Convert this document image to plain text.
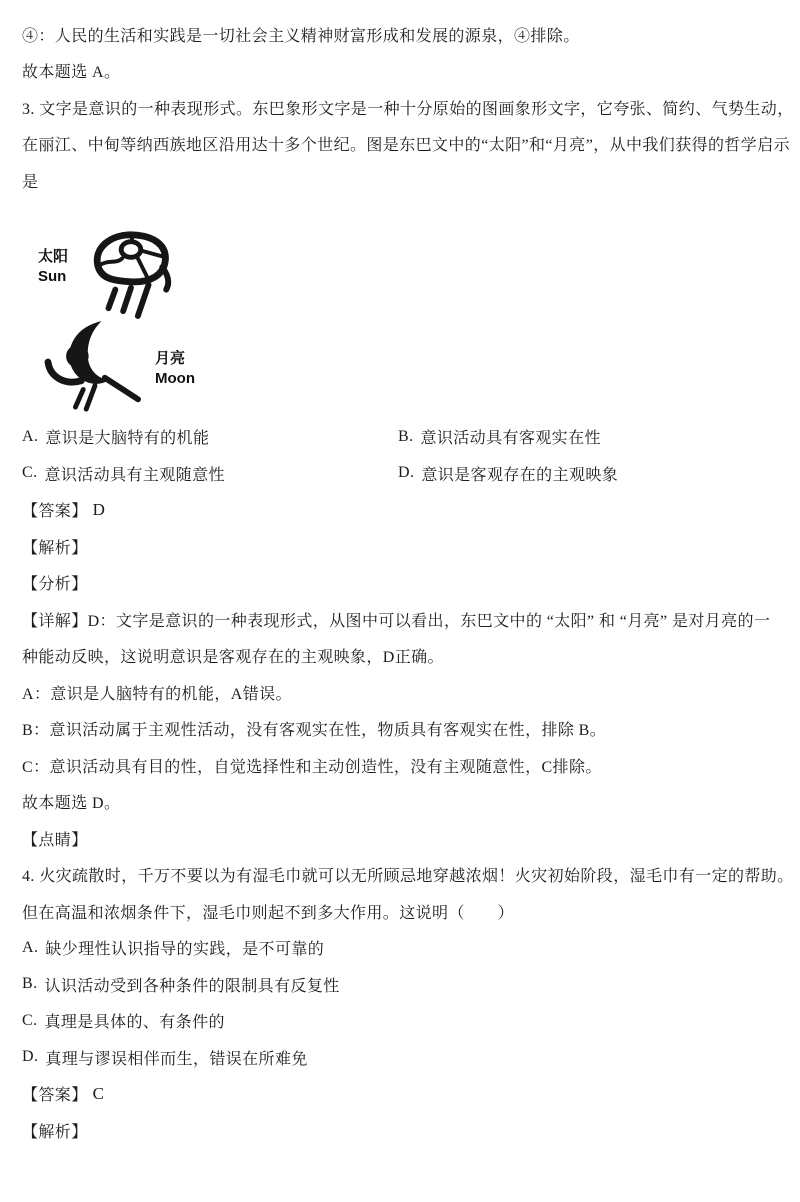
④：人民的生活和实践是一切社会主义精神财富形成和发展的源泉，④排除。
故本题选 A。
3. 文字是意识的一种表现形式。东巴象形文字是一种十分原始的图画象形文字，它夸张、简约、气势生动，
在丽江、中甸等纳西族地区沿用达十多个世纪。图是东巴文中的“太阳”和“月亮”，从中我们获得的哲学启示
是
太阳
Sun
月亮
Moon
A. 意识是大脑特有的机能	B. 意识活动具有客观实在性
C. 意识活动具有主观随意性	D. 意识是客观存在的主观映象
【答案】 D
【解析】
【分析】
【详解】D：文字是意识的一种表现形式，从图中可以看出，东巴文中的 “太阳” 和 “月亮” 是对月亮的一
种能动反映，这说明意识是客观存在的主观映象，D正确。
A：意识是人脑特有的机能，A错误。
B：意识活动属于主观性活动，没有客观实在性，物质具有客观实在性，排除 B。
C：意识活动具有目的性，自觉选择性和主动创造性，没有主观随意性，C排除。
故本题选 D。
【点睛】
4. 火灾疏散时，千万不要以为有湿毛巾就可以无所顾忌地穿越浓烟！火灾初始阶段，湿毛巾有一定的帮助。
但在高温和浓烟条件下，湿毛巾则起不到多大作用。这说明（　　）
A. 缺少理性认识指导的实践，是不可靠的
B. 认识活动受到各种条件的限制具有反复性
C. 真理是具体的、有条件的
D. 真理与谬误相伴而生，错误在所难免
【答案】 C
【解析】
